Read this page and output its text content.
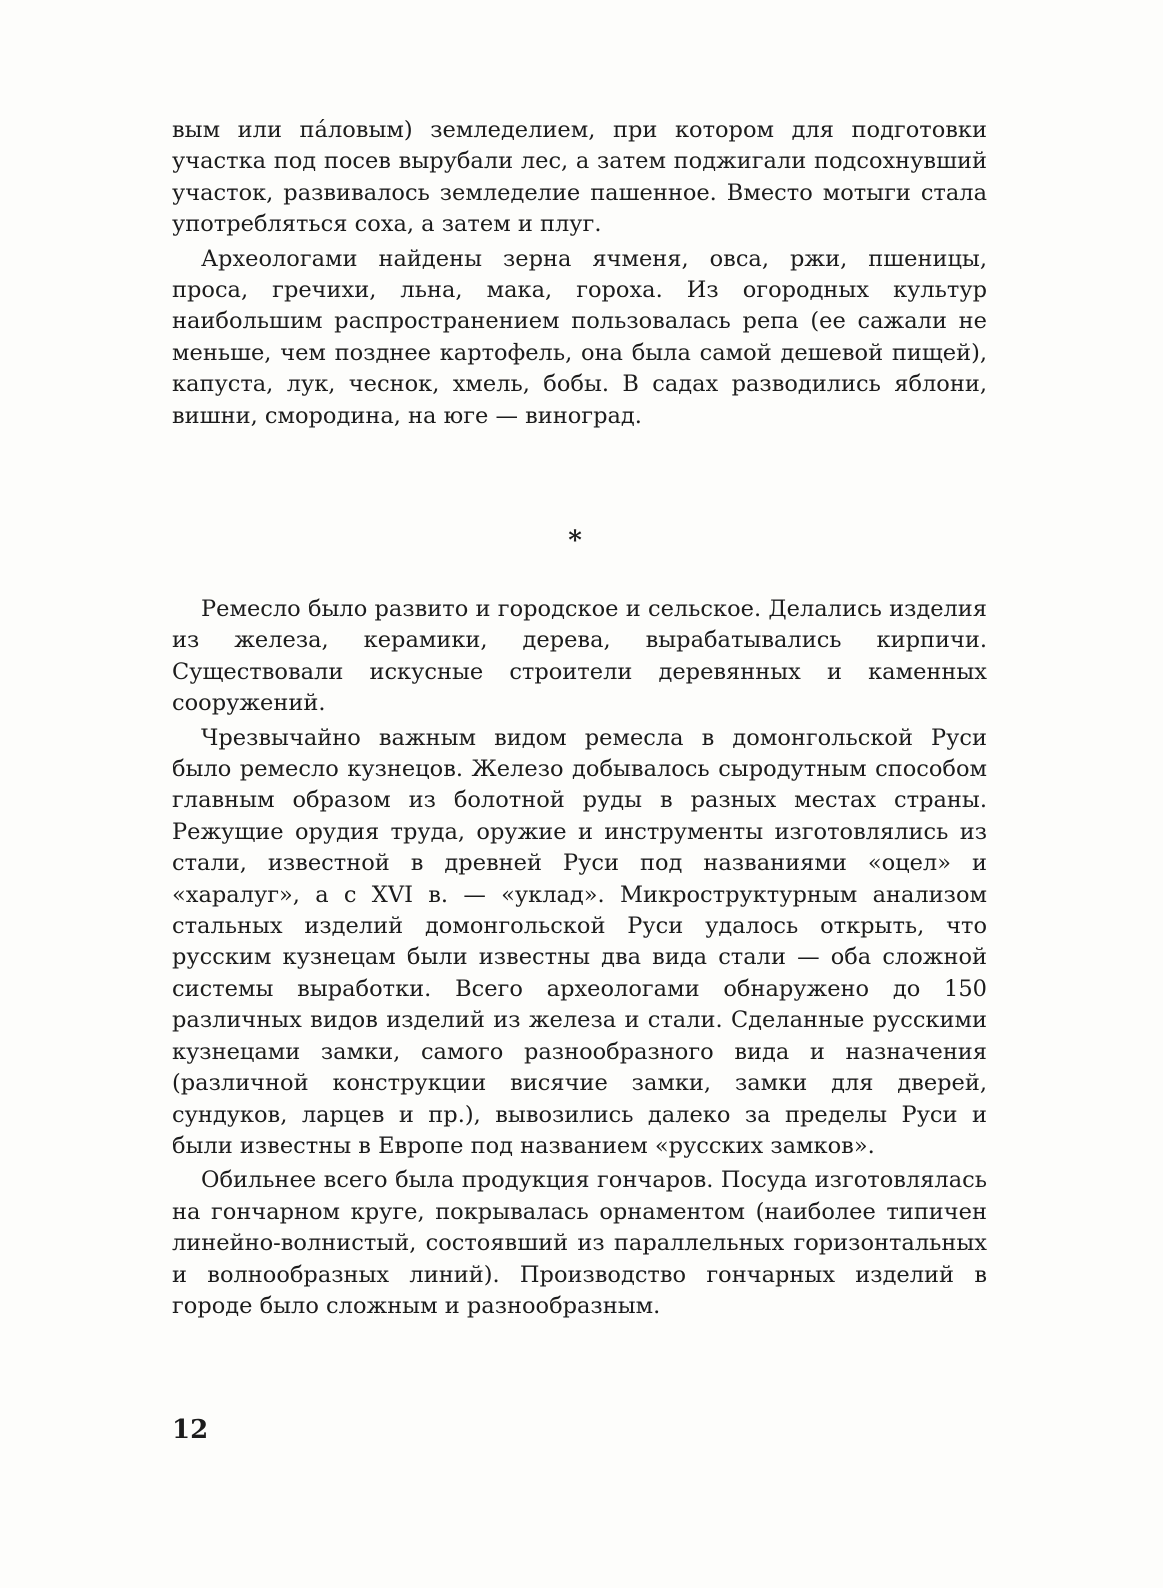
вым или пáловым) земледелием, при котором для подготовки участка под посев вырубали лес, а затем поджигали подсохнувший участок, развивалось земледелие пашенное. Вместо мотыги стала употребляться соха, а затем и плуг.

Археологами найдены зерна ячменя, овса, ржи, пшеницы, проса, гречихи, льна, мака, гороха. Из огородных культур наибольшим распространением пользовалась репа (ее сажали не меньше, чем позднее картофель, она была самой дешевой пищей), капуста, лук, чеснок, хмель, бобы. В садах разводились яблони, вишни, смородина, на юге — виноград.

*

Ремесло было развито и городское и сельское. Делались изделия из железа, керамики, дерева, вырабатывались кирпичи. Существовали искусные строители деревянных и каменных сооружений.

Чрезвычайно важным видом ремесла в домонгольской Руси было ремесло кузнецов. Железо добывалось сыродутным способом главным образом из болотной руды в разных местах страны. Режущие орудия труда, оружие и инструменты изготовлялись из стали, известной в древней Руси под названиями «оцел» и «харалуг», а с XVI в. — «уклад». Микроструктурным анализом стальных изделий домонгольской Руси удалось открыть, что русским кузнецам были известны два вида стали — оба сложной системы выработки. Всего археологами обнаружено до 150 различных видов изделий из железа и стали. Сделанные русскими кузнецами замки, самого разнообразного вида и назначения (различной конструкции висячие замки, замки для дверей, сундуков, ларцев и пр.), вывозились далеко за пределы Руси и были известны в Европе под названием «русских замков».

Обильнее всего была продукция гончаров. Посуда изготовлялась на гончарном круге, покрывалась орнаментом (наиболее типичен линейно-волнистый, состоявший из параллельных горизонтальных и волнообразных линий). Производство гончарных изделий в городе было сложным и разнообразным.

12
